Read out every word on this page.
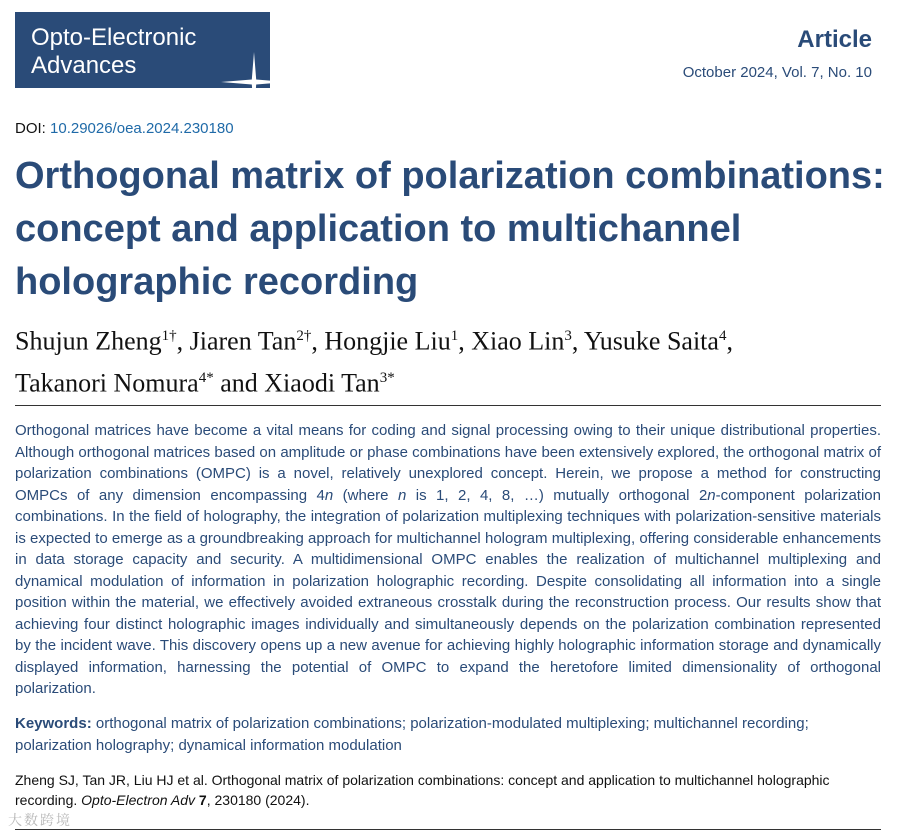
Opto-Electronic
Advances
Article
October 2024, Vol. 7, No. 10
DOI: 10.29026/oea.2024.230180
Orthogonal matrix of polarization combinations: concept and application to multichannel holographic recording
Shujun Zheng$^{1\dagger}$, Jiaren Tan$^{2\dagger}$, Hongjie Liu$^1$, Xiao Lin$^3$, Yusuke Saita$^4$,
Takanori Nomura$^{4*}$ and Xiaodi Tan$^{3*}$

Orthogonal matrices have become a vital means for coding and signal processing owing to their unique distributional properties. Although orthogonal matrices based on amplitude or phase combinations have been extensively explored, the orthogonal matrix of polarization combinations (OMPC) is a novel, relatively unexplored concept. Herein, we propose a method for constructing OMPCs of any dimension encompassing 4n (where n is 1, 2, 4, 8, …) mutually orthogonal 2n-component polarization combinations. In the field of holography, the integration of polarization multiplexing techniques with polarization-sensitive materials is expected to emerge as a groundbreaking approach for multichannel hologram multiplexing, offering considerable enhancements in data storage capacity and security. A multidimensional OMPC enables the realization of multichannel multiplexing and dynamical modulation of information in polarization holographic recording. Despite consolidating all information into a single position within the material, we effectively avoided extraneous crosstalk during the reconstruction process. Our results show that achieving four distinct holographic images individually and simultaneously depends on the polarization combination represented by the incident wave. This discovery opens up a new avenue for achieving highly holographic information storage and dynamically displayed information, harnessing the potential of OMPC to expand the heretofore limited dimensionality of orthogonal polarization.

Keywords: orthogonal matrix of polarization combinations; polarization-modulated multiplexing; multichannel recording; polarization holography; dynamical information modulation

Zheng SJ, Tan JR, Liu HJ et al. Orthogonal matrix of polarization combinations: concept and application to multichannel holographic recording. Opto-Electron Adv 7, 230180 (2024).

大数跨境
